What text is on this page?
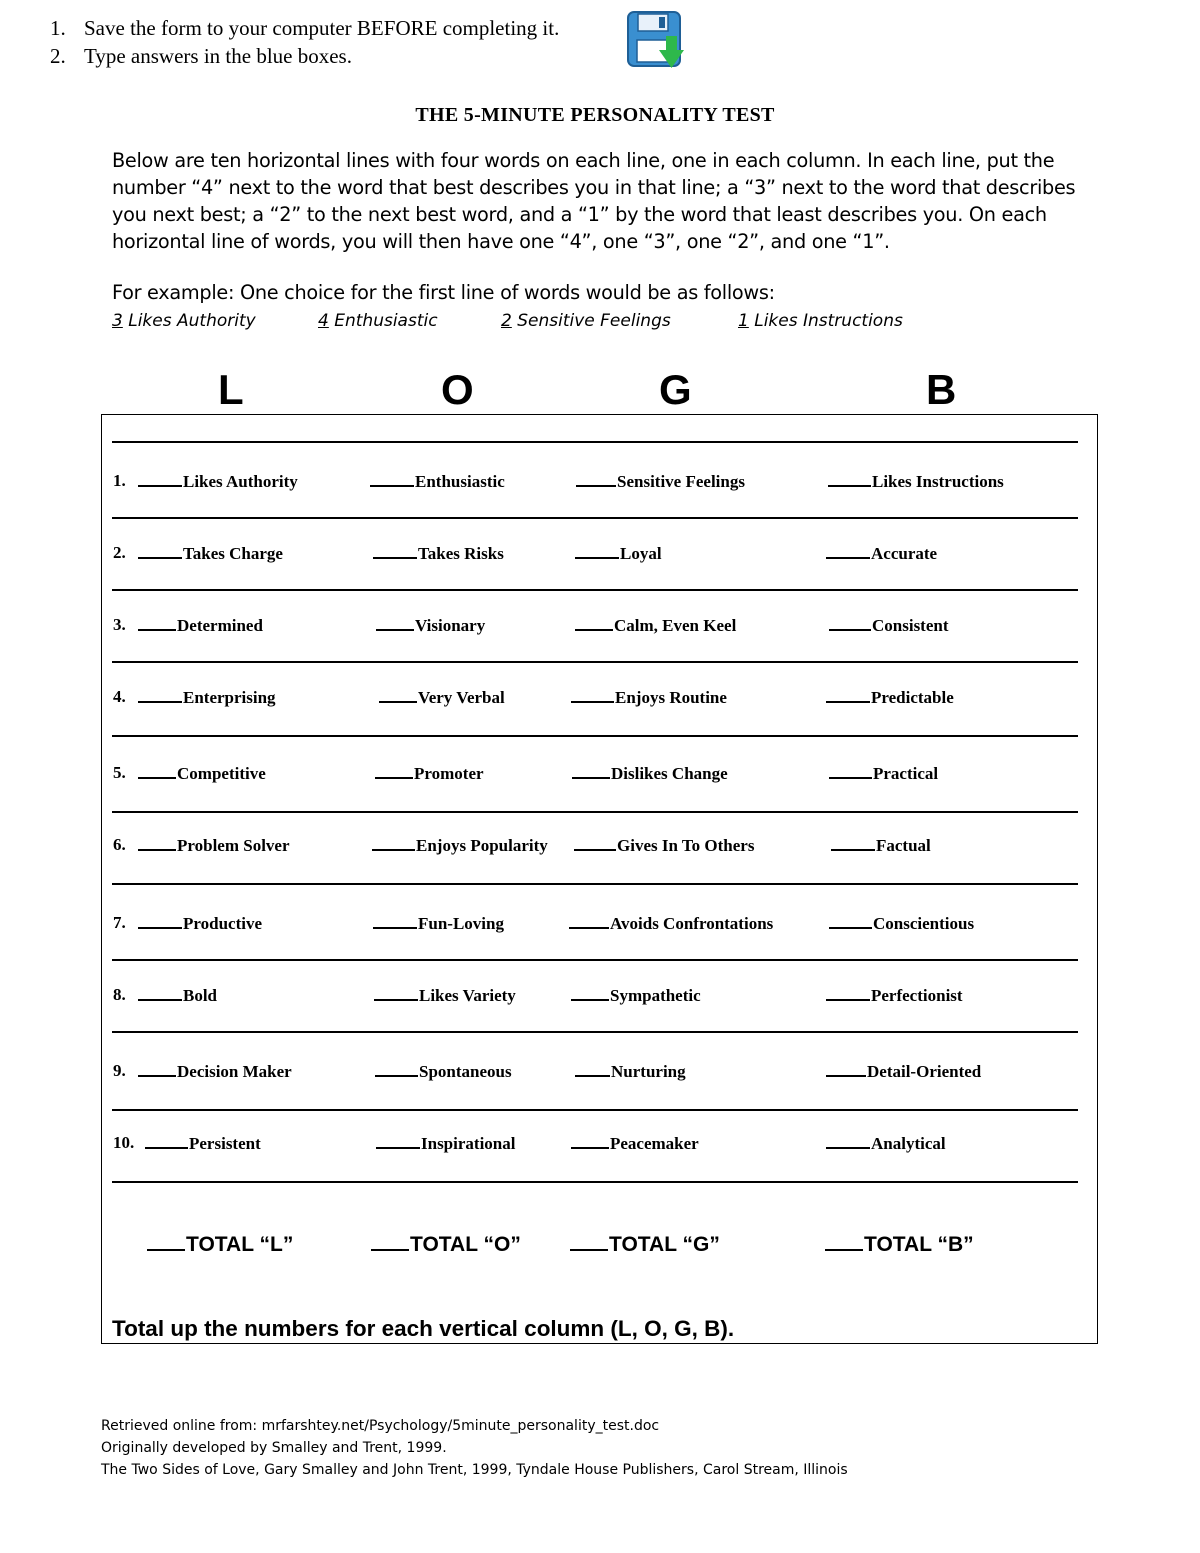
1. Save the form to your computer BEFORE completing it.
2. Type answers in the blue boxes.
THE 5-MINUTE PERSONALITY TEST

Below are ten horizontal lines with four words on each line, one in each column. In each line, put the number “4” next to the word that best describes you in that line; a “3” next to the word that describes you next best; a “2” to the next best word, and a “1” by the word that least describes you. On each horizontal line of words, you will then have one “4”, one “3”, one “2”, and one “1”.

For example: One choice for the first line of words would be as follows:

3 Likes Authority	4 Enthusiastic	2 Sensitive Feelings	1 Likes Instructions
L	O	G	B
1.	Likes Authority	Enthusiastic	Sensitive Feelings	Likes Instructions
2.	Takes Charge	Takes Risks	Loyal	Accurate
3.	Determined	Visionary	Calm, Even Keel	Consistent
4.	Enterprising	Very Verbal	Enjoys Routine	Predictable
5.	Competitive	Promoter	Dislikes Change	Practical
6.	Problem Solver	Enjoys Popularity	Gives In To Others	Factual
7.	Productive	Fun-Loving	Avoids Confrontations	Conscientious
8.	Bold	Likes Variety	Sympathetic	Perfectionist
9.	Decision Maker	Spontaneous	Nurturing	Detail-Oriented
10.	Persistent	Inspirational	Peacemaker	Analytical
TOTAL “L”	TOTAL “O”	TOTAL “G”	TOTAL “B”
Total up the numbers for each vertical column (L, O, G, B).
Retrieved online from: mrfarshtey.net/Psychology/5minute_personality_test.doc
Originally developed by Smalley and Trent, 1999.
The Two Sides of Love, Gary Smalley and John Trent, 1999, Tyndale House Publishers, Carol Stream, Illinois
